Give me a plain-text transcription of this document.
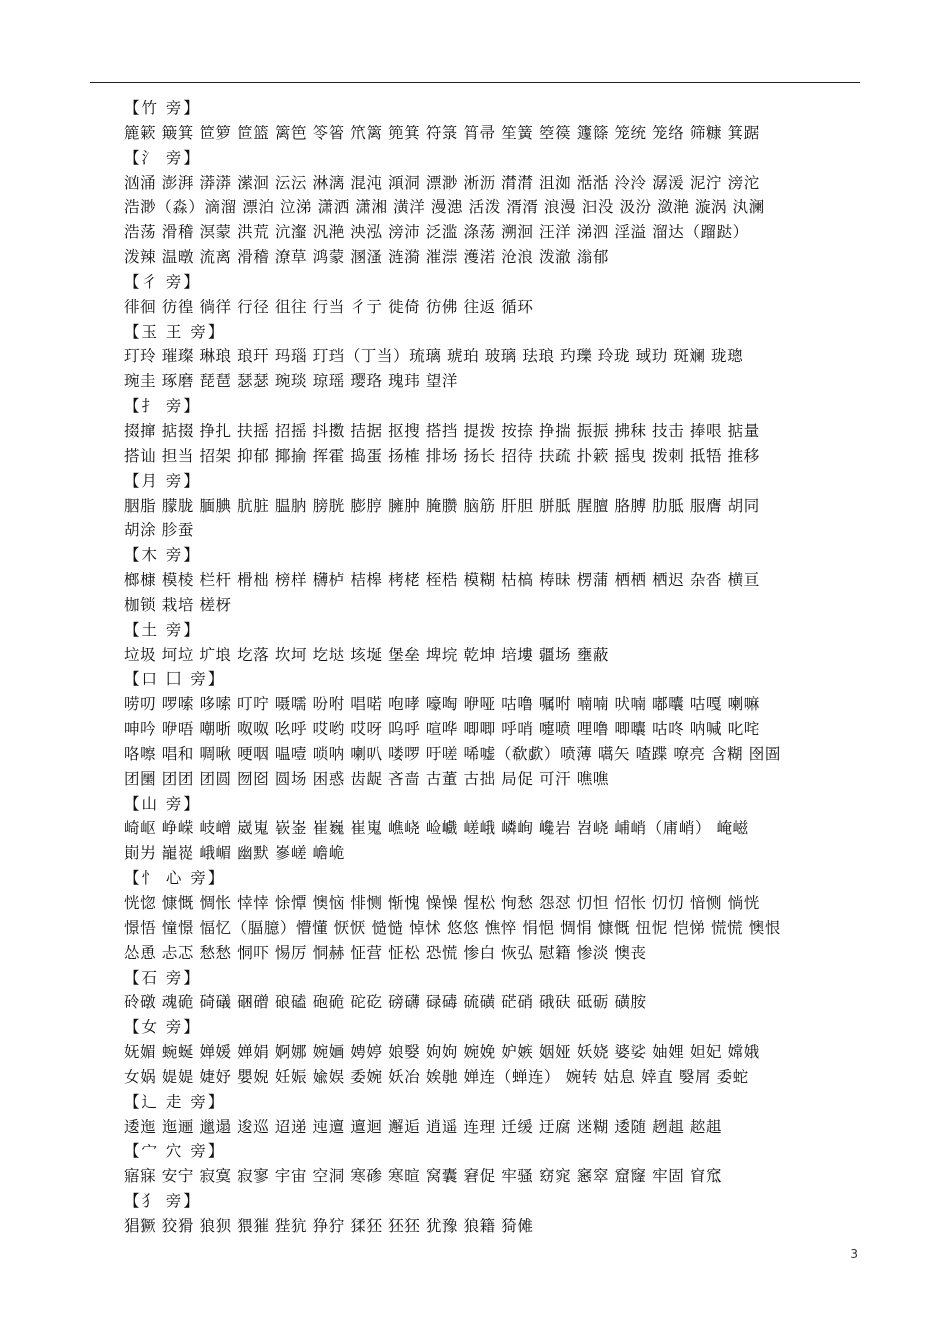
【竹 旁】
簏簌 簸箕 笸箩 笸篮 篱笆 笭箵 笊篱 篼箕 符箓 筲帚 笙簧 箜篌 籧篨 笼统 笼络 筛糠 箕踞
【氵 旁】
汹涌 澎湃 漭漭 潆洄 沄沄 淋漓 混沌 澒洞 漂渺 淅沥 潸潸 沮洳 湉湉 泠泠 潺湲 泥泞 滂沱
浩渺（淼）滴溜 漂泊 泣涕 潇洒 潇湘 潢洋 漫漶 活泼 湑湑 浪漫 汩没 汲汾 潋滟 漩涡 汍澜
浩荡 滑稽 溟蒙 洪荒 沆瀣 汎滟 泱泓 滂沛 泛滥 涤荡 溯洄 汪洋 涕泗 淫溢 溜达（蹓跶）
泼辣 温暾 流离 滑稽 潦草 鸿蒙 溷溞 涟漪 漼漴 濩渃 沧浪 泼澈 滃郁
【彳 旁】
徘徊 彷徨 徜徉 行径 徂往 行当 彳亍 徙倚 彷佛 往返 循环
【玉 王 旁】
玎玲 璀璨 琳琅 琅玕 玛瑙 玎珰（丁当）琉璃 琥珀 玻璃 珐琅 玓瓅 玲珑 琙玏 斑斓 珑璁
琬圭 琢磨 琵琶 瑟瑟 琬琰 琼瑶 璎珞 瑰玮 望洋
【扌 旁】
掇撺 掂掇 挣扎 扶摇 招摇 抖擞 拮据 抠搜 搭挡 提拨 按捺 挣揣 振振 拂秣 技击 捧哏 掂量
搭讪 担当 招架 抑郁 揶揄 挥霍 捣蛋 扬榷 排场 扬长 招待 扶疏 扑簌 摇曳 拨刺 抵牾 推移
【月 旁】
胭脂 朦胧 腼腆 肮脏 腽肭 膀胱 膨脝 臃肿 腌臜 脑筋 肝胆 胼胝 腥膻 胳膊 肋胝 服膺 胡同
胡涂 胗蚕
【木 旁】
榔槺 模棱 栏杆 榾柮 榜样 欂栌 桔槔 栲栳 桎梏 模糊 枯槁 梼昧 楞蒲 栖栖 栖迟 杂沓 横亘
枷锁 栽培 槎枒
【土 旁】
垃圾 坷垃 圹埌 圪落 坎坷 圪垯 垓埏 堡垒 埤垸 乾坤 培塿 疆场 壅蔽
【口 囗 旁】
唠叨 啰嗦 哆嗦 叮咛 嗫嚅 吩咐 唱喏 咆哮 嚎啕 咿哑 咕噜 嘱咐 喃喃 吠喃 嘟囔 咕嘎 喇嘛
呻吟 咿唔 嘲哳 呶呶 吆呼 哎哟 哎呀 呜呼 喧哗 唧唧 呼哨 嚏喷 哩噜 唧囔 咕咚 呐喊 叱咤
咯嚓 唱和 啁啾 哽咽 嗢噎 唢呐 喇叭 喽啰 吁嗟 唏嘘（欷歔）喷薄 嚆矢 喳蹀 嘹亮 含糊 囹圄
团圞 团团 团圆 囫囵 圆场 困惑 齿龊 吝啬 古董 古拙 局促 可汗 噍噍
【山 旁】
崎岖 峥嵘 岐嶒 崴嵬 嵚崟 崔巍 崔嵬 嶕峣 崄巇 嵯峨 嶙峋 巉岩 岧峣 峬峭（庯峭） 崦嵫
崱屴 巃嵸 峨嵋 幽默 嵾嵯 嶦峗
【忄 心 旁】
恍惚 慷慨 惆怅 悻悻 悇憛 懊恼 悱恻 惭愧 懆懆 惺松 恂愁 怨怼 忉怛 怊怅 忉忉 愔恻 惝恍
憬悟 憧憬 愊忆（腷臆）懵懂 恹恹 慥慥 悼怵 悠悠 憔悴 悁悒 惆悁 慷慨 忸怩 恺悌 慌慌 懊恨
怂恿 忐忑 愁愁 恫吓 惕厉 恫赫 怔营 怔松 恐慌 惨白 恢弘 慰籍 惨淡 懊丧
【石 旁】
砱礅 魂硊 碕礒 硱磳 硠磕 砲硊 砣矻 磅礴 碌碡 硫磺 硭硝 硪砆 砥砺 磺胺
【女 旁】
妩媚 蜿蜒 婵媛 婵娟 婀娜 婉婳 娉婷 娘嫛 姁姁 婉娩 妒嫉 姻娅 妖娆 婆娑 妯娌 妲妃 嫦娥
女娲 媞媞 婕妤 嬰婗 妊娠 婾娱 委婉 妖冶 娭毑 婵连（蝉连） 婉转 姑息 婞直 嫛屑 委蛇
【辶 走 旁】
逶迤 迤逦 邋遢 逡巡 迢递 迍邅 邅迴 邂逅 逍遥 连理 迁缓 迂腐 迷糊 逶随 趔趄 趑趄
【宀 穴 旁】
寤寐 安宁 寂寞 寂寥 宇宙 空洞 寒碜 寒暄 窝囊 窘促 牢骚 窈窕 窸窣 窟窿 牢固 窅窊
【犭 旁】
猖獗 狡猾 狼狈 猥獕 狴犺 狰狞 猱狉 狉狉 犹豫 狼籍 猗傩
3
